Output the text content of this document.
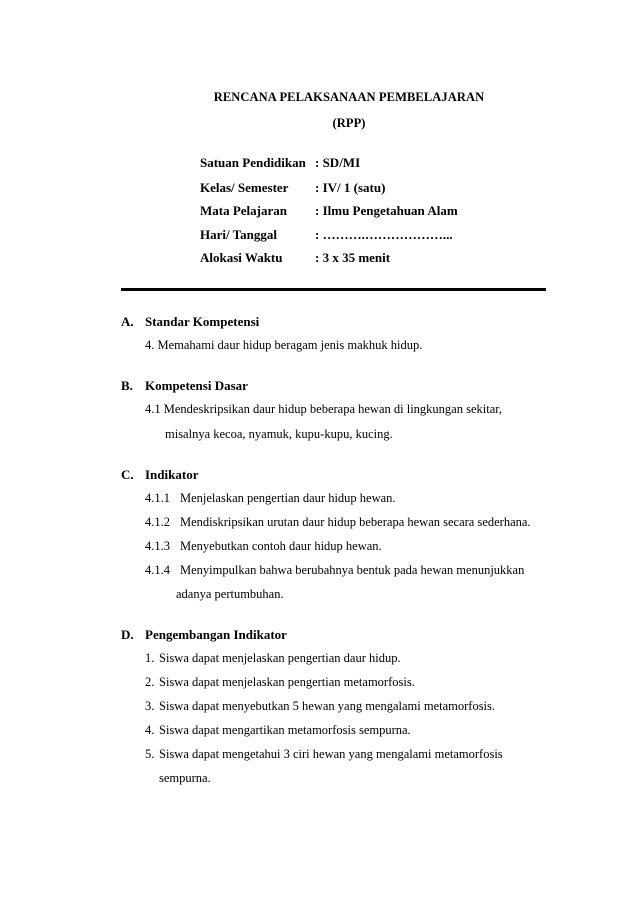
RENCANA PELAKSANAAN PEMBELAJARAN
(RPP)
Satuan Pendidikan : SD/MI
Kelas/ Semester : IV/ 1 (satu)
Mata Pelajaran : Ilmu Pengetahuan Alam
Hari/ Tanggal	: ……….………………...
Alokasi Waktu	: 3 x 35 menit
A. Standar Kompetensi
4. Memahami daur hidup beragam jenis makhuk hidup.
B. Kompetensi Dasar
4.1 Mendeskripsikan daur hidup beberapa hewan di lingkungan sekitar,
misalnya kecoa, nyamuk, kupu-kupu, kucing.
C. Indikator
4.1.1 Menjelaskan pengertian daur hidup hewan.
4.1.2 Mendiskripsikan urutan daur hidup beberapa hewan secara sederhana.
4.1.3 Menyebutkan contoh daur hidup hewan.
4.1.4 Menyimpulkan bahwa berubahnya bentuk pada hewan menunjukkan
adanya pertumbuhan.
D. Pengembangan Indikator
1. Siswa dapat menjelaskan pengertian daur hidup.
2. Siswa dapat menjelaskan pengertian metamorfosis.
3. Siswa dapat menyebutkan 5 hewan yang mengalami metamorfosis.
4. Siswa dapat mengartikan metamorfosis sempurna.
5. Siswa dapat mengetahui 3 ciri hewan yang mengalami metamorfosis
sempurna.
